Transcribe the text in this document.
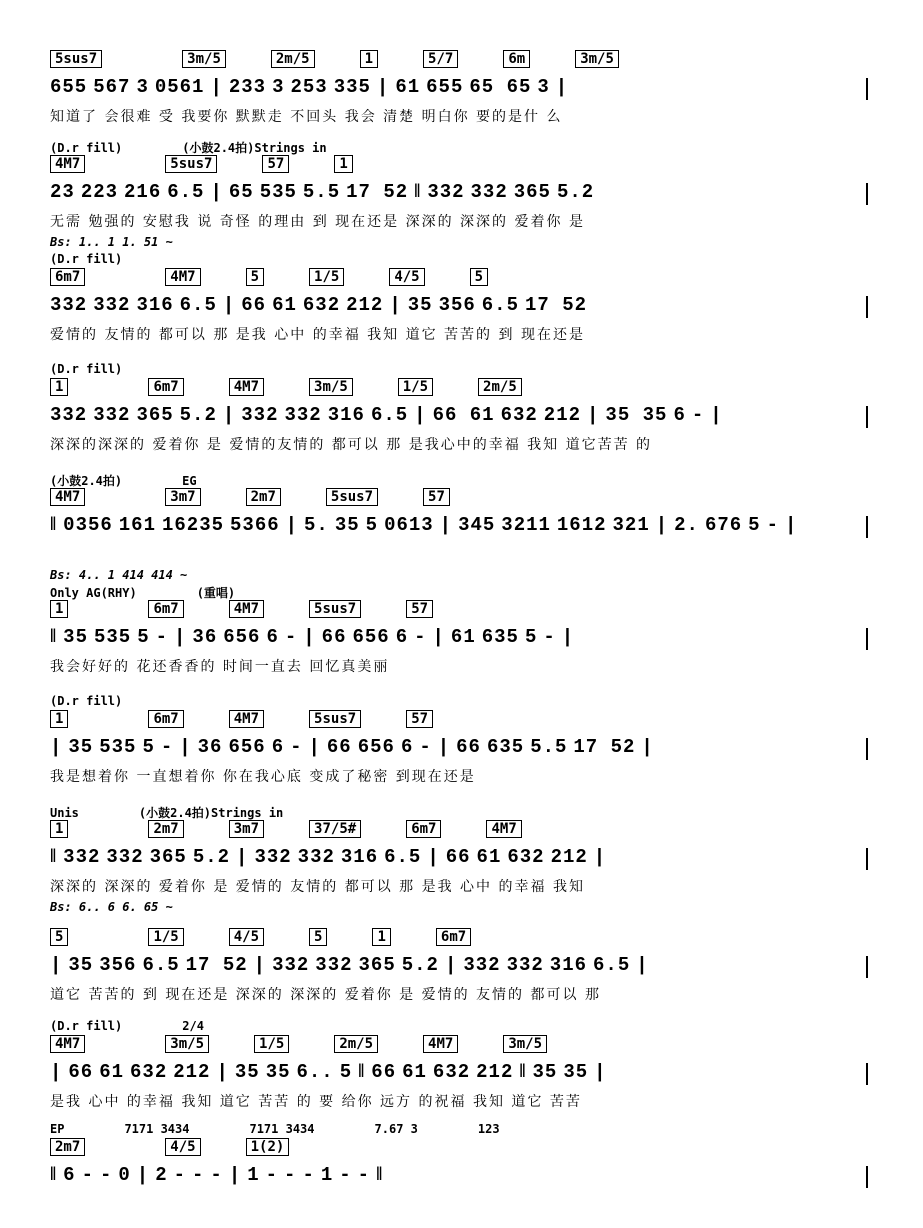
5sus7	3m/5	2m/5	1	5/7	6m	3m/5
655 567 3 0561 | 233 3 253 335 | 61 655 65 65 3 |
知道了 会很难 受 我要你 默默走 不回头 我会 清楚 明白你 要的是什 么
(D.r fill)	(小鼓2.4拍)Strings in
4M7	5sus7	57	1
23 223 216 6.5 | 65 535 5.5 17 52 ‖ 332 332 365 5.2
无需 勉强的 安慰我 说 奇怪 的理由 到 现在还是 深深的 深深的 爱着你 是
Bs: 1.. 1 1. 51 ~
(D.r fill)
6m7	4M7	5	1/5	4/5	5
332 332 316 6.5 | 66 61 632 212 | 35 356 6.5 17 52
爱情的 友情的 都可以 那 是我 心中 的幸福 我知 道它 苦苦的 到 现在还是
(D.r fill)
1	6m7	4M7	3m/5	1/5	2m/5
332 332 365 5.2 | 332 332 316 6.5 | 66 61 632 212 | 35 35 6 - |
深深的深深的 爱着你 是 爱情的友情的 都可以 那 是我心中的幸福 我知 道它苦苦 的
(小鼓2.4拍)	EG
4M7	3m7	2m7	5sus7	57
‖ 0356 161 16235 5366 | 5. 35 5 0613 | 345 3211 1612 321 | 2. 676 5 - |
Bs: 4.. 1 414 414 ~
Only AG(RHY)	(重唱)
1	6m7	4M7	5sus7	57
‖ 35 535 5 - | 36 656 6 - | 66 656 6 - | 61 635 5 - |
我会好好的 花还香香的 时间一直去 回忆真美丽
(D.r fill)
1	6m7	4M7	5sus7	57
| 35 535 5 - | 36 656 6 - | 66 656 6 - | 66 635 5.5 17 52 |
我是想着你 一直想着你 你在我心底 变成了秘密 到现在还是
Unis	(小鼓2.4拍)Strings in
1	2m7	3m7	37/5#	6m7	4M7
‖ 332 332 365 5.2 | 332 332 316 6.5 | 66 61 632 212 |
深深的 深深的 爱着你 是 爱情的 友情的 都可以 那 是我 心中 的幸福 我知
Bs: 6.. 6 6. 65 ~
5	1/5	4/5	5	1	6m7
| 35 356 6.5 17 52 | 332 332 365 5.2 | 332 332 316 6.5 |
道它 苦苦的 到 现在还是 深深的 深深的 爱着你 是 爱情的 友情的 都可以 那
(D.r fill)	2/4
4M7	3m/5	1/5	2m/5	4M7	3m/5
| 66 61 632 212 | 35 35 6.. 5 ‖ 66 61 632 212 ‖ 35 35 |
是我 心中 的幸福 我知 道它 苦苦 的 要 给你 远方 的祝福 我知 道它 苦苦
EP	7171 3434	7171 3434	7.67 3	123
2m7	4/5	1(2)
‖ 6 - - 0 | 2 - - - | 1 - - - 1 - - ‖
